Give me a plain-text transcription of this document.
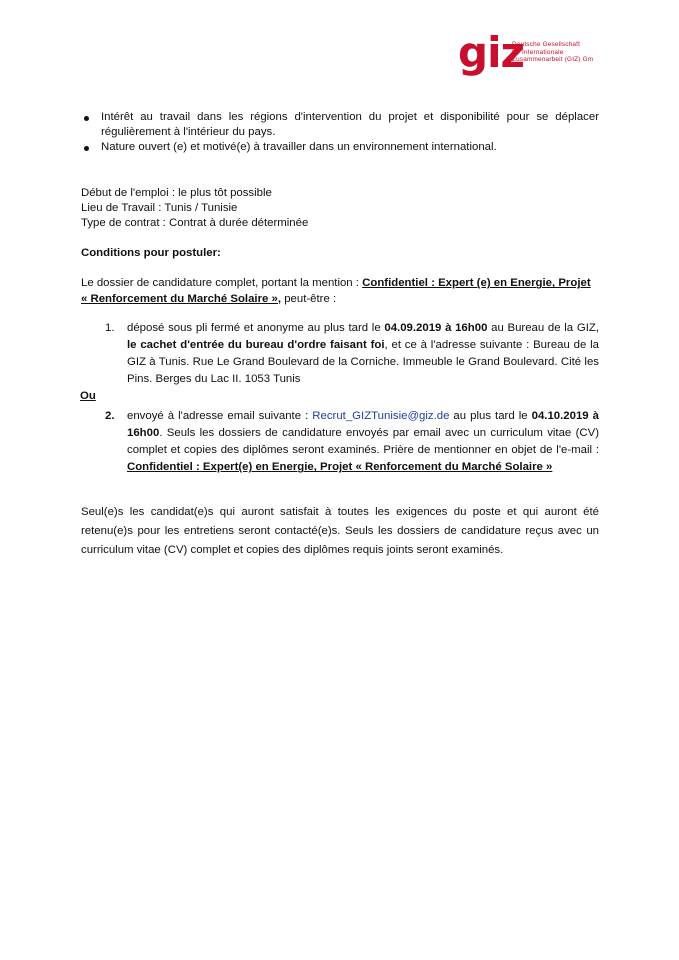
giz
Deutsche Gesellschaft
für Internationale
Zusammenarbeit (GIZ) Gm
Intérêt au travail dans les régions d'intervention du projet et disponibilité pour se déplacer régulièrement à l'intérieur du pays.
Nature ouvert (e) et motivé(e) à travailler dans un environnement international.
Début de l'emploi : le plus tôt possible
Lieu de Travail : Tunis / Tunisie
Type de contrat : Contrat à durée déterminée
Conditions pour postuler:
Le dossier de candidature complet, portant la mention : Confidentiel : Expert (e) en Energie, Projet « Renforcement du Marché Solaire », peut-être :
1. déposé sous pli fermé et anonyme au plus tard le 04.09.2019 à 16h00 au Bureau de la GIZ, le cachet d'entrée du bureau d'ordre faisant foi, et ce à l'adresse suivante : Bureau de la GIZ à Tunis. Rue Le Grand Boulevard de la Corniche. Immeuble le Grand Boulevard. Cité les Pins. Berges du Lac II. 1053 Tunis
Ou
2. envoyé à l'adresse email suivante : Recrut_GIZTunisie@giz.de au plus tard le 04.10.2019 à 16h00. Seuls les dossiers de candidature envoyés par email avec un curriculum vitae (CV) complet et copies des diplômes seront examinés. Prière de mentionner en objet de l'e-mail : Confidentiel : Expert(e) en Energie, Projet « Renforcement du Marché Solaire »
Seul(e)s les candidat(e)s qui auront satisfait à toutes les exigences du poste et qui auront été retenu(e)s pour les entretiens seront contacté(e)s. Seuls les dossiers de candidature reçus avec un curriculum vitae (CV) complet et copies des diplômes requis joints seront examinés.
